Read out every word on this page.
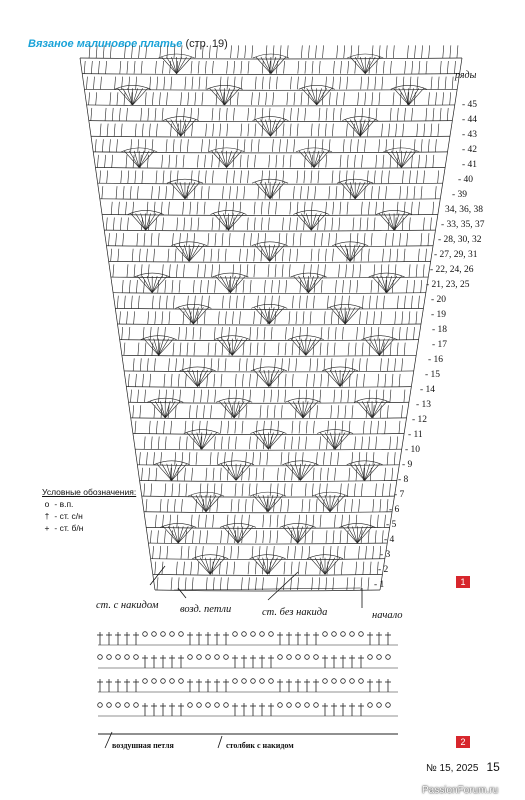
Вязаное малиновое платье (стр. 19)
ряды
- 45
- 44
- 43
- 42
- 41
- 40
- 39
34, 36, 38
- 33, 35, 37
- 28, 30, 32
- 27, 29, 31
- 22, 24, 26
- 21, 23, 25
- 20
- 19
- 18
- 17
- 16
- 15
- 14
- 13
- 12
- 11
- 10
- 9
- 8
- 7
- 6
- 5
- 4
- 3
- 2
- 1
Условные обозначения:
o - в.п.
† - ст. с/н
+ - ст. б/н
ст. с накидом возд. петли	ст. без накида	начало
1
2
воздушная петля	столбик с накидом
№ 15, 2025 15
PassionForum.ru
